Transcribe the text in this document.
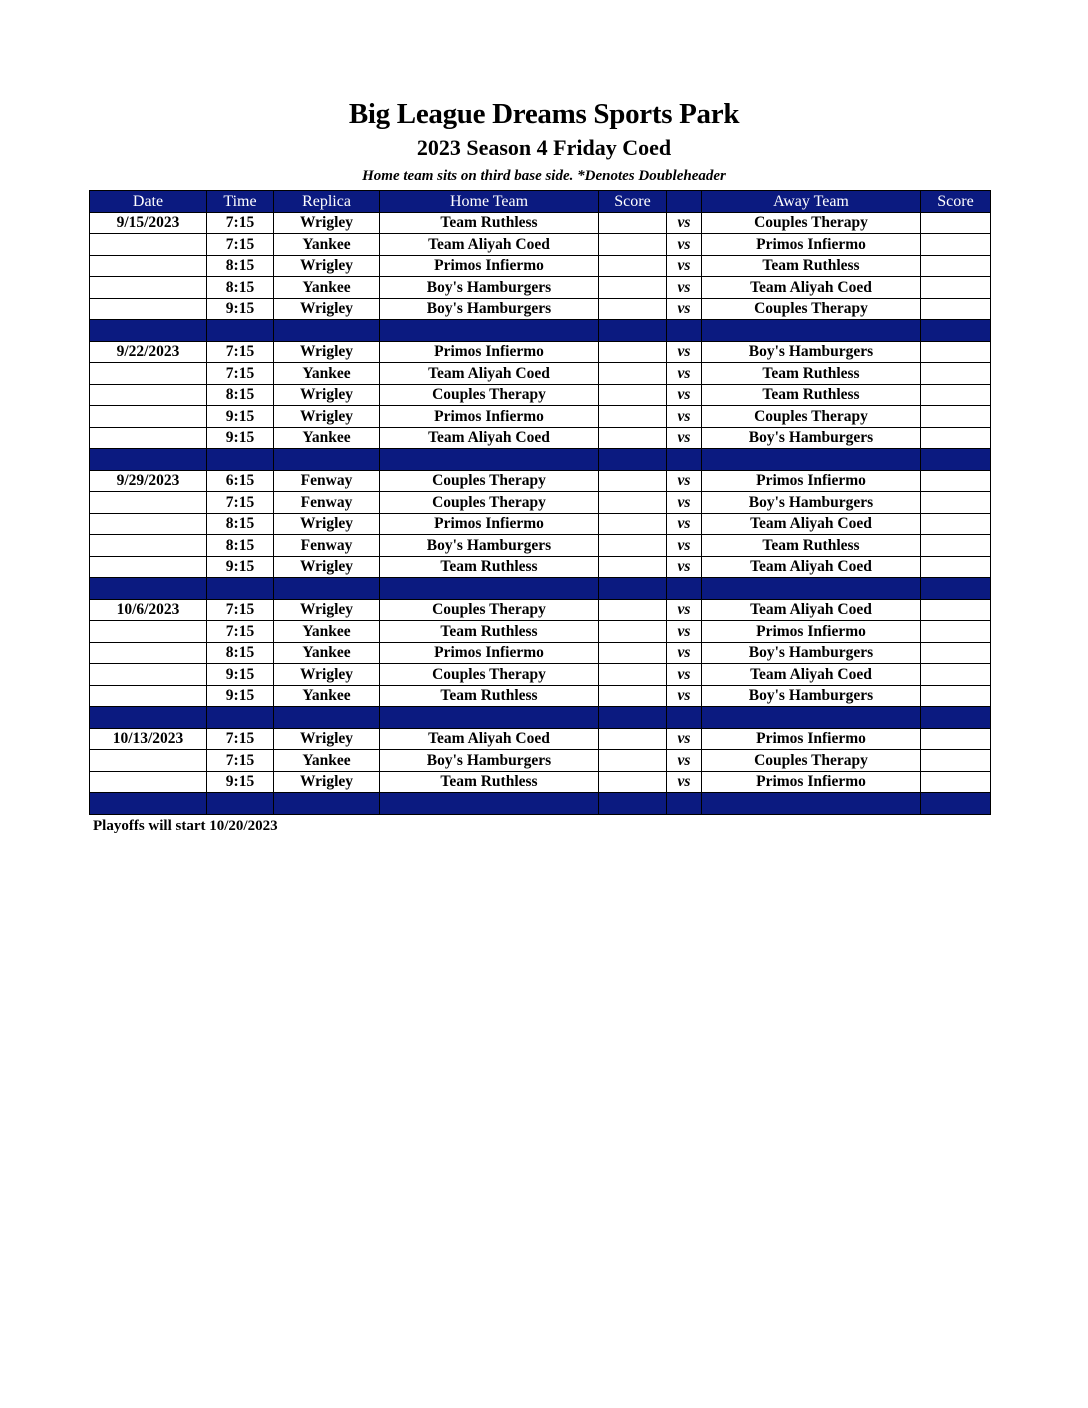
Big League Dreams Sports Park
2023 Season 4 Friday Coed
Home team sits on third base side. *Denotes Doubleheader
Date	Time	Replica	Home Team	Score		Away Team	Score
9/15/2023	7:15	Wrigley	Team Ruthless		vs	Couples Therapy	
	7:15	Yankee	Team Aliyah Coed		vs	Primos Infiermo	
	8:15	Wrigley	Primos Infiermo		vs	Team Ruthless	
	8:15	Yankee	Boy's Hamburgers		vs	Team Aliyah Coed	
	9:15	Wrigley	Boy's Hamburgers		vs	Couples Therapy	

9/22/2023	7:15	Wrigley	Primos Infiermo		vs	Boy's Hamburgers	
	7:15	Yankee	Team Aliyah Coed		vs	Team Ruthless	
	8:15	Wrigley	Couples Therapy		vs	Team Ruthless	
	9:15	Wrigley	Primos Infiermo		vs	Couples Therapy	
	9:15	Yankee	Team Aliyah Coed		vs	Boy's Hamburgers	

9/29/2023	6:15	Fenway	Couples Therapy		vs	Primos Infiermo	
	7:15	Fenway	Couples Therapy		vs	Boy's Hamburgers	
	8:15	Wrigley	Primos Infiermo		vs	Team Aliyah Coed	
	8:15	Fenway	Boy's Hamburgers		vs	Team Ruthless	
	9:15	Wrigley	Team Ruthless		vs	Team Aliyah Coed	

10/6/2023	7:15	Wrigley	Couples Therapy		vs	Team Aliyah Coed	
	7:15	Yankee	Team Ruthless		vs	Primos Infiermo	
	8:15	Yankee	Primos Infiermo		vs	Boy's Hamburgers	
	9:15	Wrigley	Couples Therapy		vs	Team Aliyah Coed	
	9:15	Yankee	Team Ruthless		vs	Boy's Hamburgers	

10/13/2023	7:15	Wrigley	Team Aliyah Coed		vs	Primos Infiermo	
	7:15	Yankee	Boy's Hamburgers		vs	Couples Therapy	
	9:15	Wrigley	Team Ruthless		vs	Primos Infiermo	

Playoffs will start 10/20/2023
